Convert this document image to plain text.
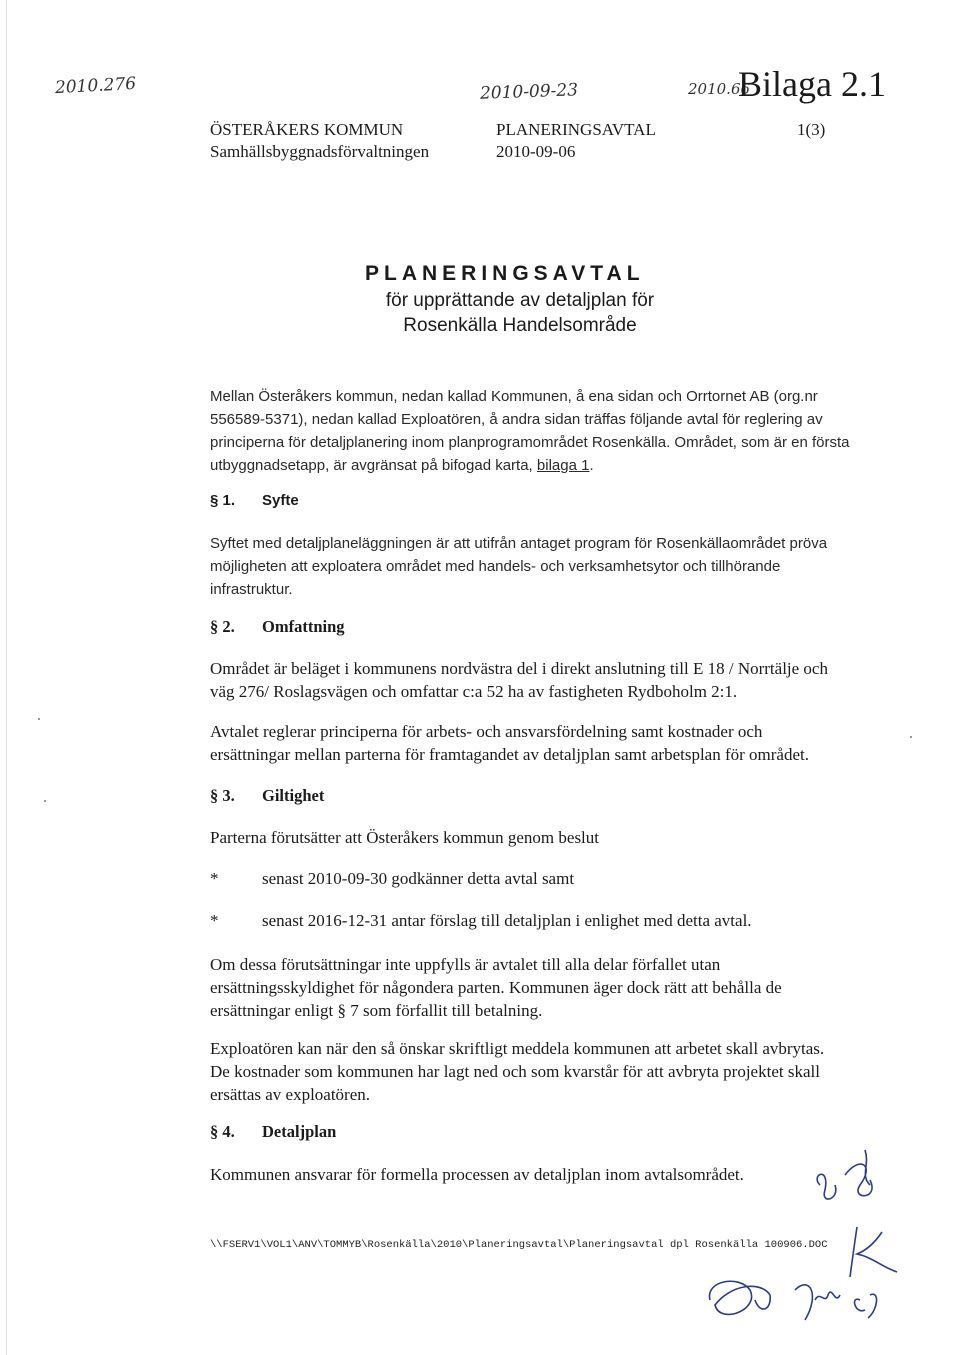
2010.276	2010-09-23	2010.66
Bilaga 2.1
ÖSTERÅKERS KOMMUN
Samhällsbyggnadsförvaltningen
PLANERINGSAVTAL
2010-09-06
1(3)
PLANERINGSAVTAL
för upprättande av detaljplan för
Rosenkälla Handelsområde
Mellan Österåkers kommun, nedan kallad Kommunen, å ena sidan och Orrtornet AB (org.nr 556589-5371), nedan kallad Exploatören, å andra sidan träffas följande avtal för reglering av principerna för detaljplanering inom planprogramområdet Rosenkälla. Området, som är en första utbyggnadsetapp, är avgränsat på bifogad karta, bilaga 1.
§ 1. Syfte
Syftet med detaljplaneläggningen är att utifrån antaget program för Rosenkällaområdet pröva möjligheten att exploatera området med handels- och verksamhetsytor och tillhörande infrastruktur.
§ 2. Omfattning
Området är beläget i kommunens nordvästra del i direkt anslutning till E 18 / Norrtälje och väg 276/ Roslagsvägen och omfattar c:a 52 ha av fastigheten Rydboholm 2:1.
Avtalet reglerar principerna för arbets- och ansvarsfördelning samt kostnader och ersättningar mellan parterna för framtagandet av detaljplan samt arbetsplan för området.
§ 3. Giltighet
Parterna förutsätter att Österåkers kommun genom beslut
*	senast 2010-09-30 godkänner detta avtal samt
*	senast 2016-12-31 antar förslag till detaljplan i enlighet med detta avtal.
Om dessa förutsättningar inte uppfylls är avtalet till alla delar förfallet utan ersättningsskyldighet för någondera parten. Kommunen äger dock rätt att behålla de ersättningar enligt § 7 som förfallit till betalning.
Exploatören kan när den så önskar skriftligt meddela kommunen att arbetet skall avbrytas. De kostnader som kommunen har lagt ned och som kvarstår för att avbryta projektet skall ersättas av exploatören.
§ 4. Detaljplan
Kommunen ansvarar för formella processen av detaljplan inom avtalsområdet.
\\FSERV1\VOL1\ANV\TOMMYB\Rosenkälla\2010\Planeringsavtal\Planeringsavtal dpl Rosenkälla 100906.DOC
